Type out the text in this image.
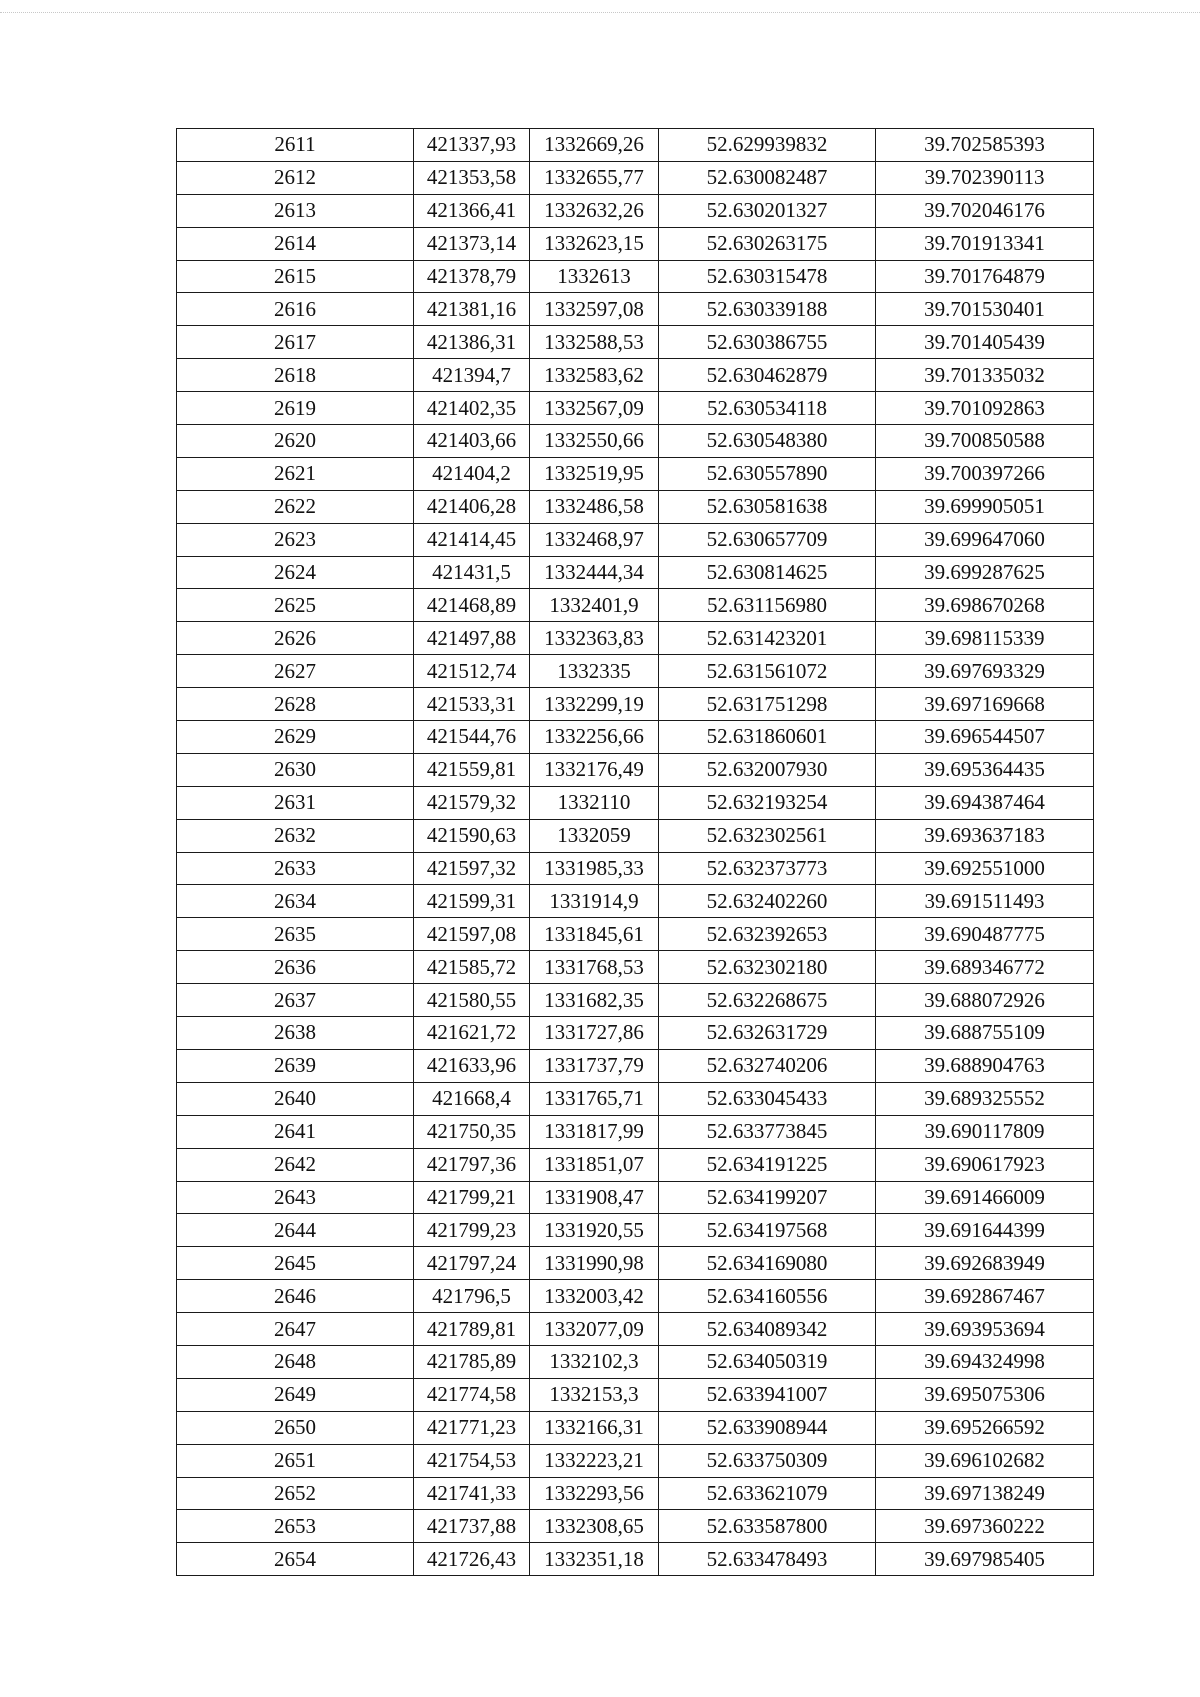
2611	421337,93	1332669,26	52.629939832	39.702585393
2612	421353,58	1332655,77	52.630082487	39.702390113
2613	421366,41	1332632,26	52.630201327	39.702046176
2614	421373,14	1332623,15	52.630263175	39.701913341
2615	421378,79	1332613	52.630315478	39.701764879
2616	421381,16	1332597,08	52.630339188	39.701530401
2617	421386,31	1332588,53	52.630386755	39.701405439
2618	421394,7	1332583,62	52.630462879	39.701335032
2619	421402,35	1332567,09	52.630534118	39.701092863
2620	421403,66	1332550,66	52.630548380	39.700850588
2621	421404,2	1332519,95	52.630557890	39.700397266
2622	421406,28	1332486,58	52.630581638	39.699905051
2623	421414,45	1332468,97	52.630657709	39.699647060
2624	421431,5	1332444,34	52.630814625	39.699287625
2625	421468,89	1332401,9	52.631156980	39.698670268
2626	421497,88	1332363,83	52.631423201	39.698115339
2627	421512,74	1332335	52.631561072	39.697693329
2628	421533,31	1332299,19	52.631751298	39.697169668
2629	421544,76	1332256,66	52.631860601	39.696544507
2630	421559,81	1332176,49	52.632007930	39.695364435
2631	421579,32	1332110	52.632193254	39.694387464
2632	421590,63	1332059	52.632302561	39.693637183
2633	421597,32	1331985,33	52.632373773	39.692551000
2634	421599,31	1331914,9	52.632402260	39.691511493
2635	421597,08	1331845,61	52.632392653	39.690487775
2636	421585,72	1331768,53	52.632302180	39.689346772
2637	421580,55	1331682,35	52.632268675	39.688072926
2638	421621,72	1331727,86	52.632631729	39.688755109
2639	421633,96	1331737,79	52.632740206	39.688904763
2640	421668,4	1331765,71	52.633045433	39.689325552
2641	421750,35	1331817,99	52.633773845	39.690117809
2642	421797,36	1331851,07	52.634191225	39.690617923
2643	421799,21	1331908,47	52.634199207	39.691466009
2644	421799,23	1331920,55	52.634197568	39.691644399
2645	421797,24	1331990,98	52.634169080	39.692683949
2646	421796,5	1332003,42	52.634160556	39.692867467
2647	421789,81	1332077,09	52.634089342	39.693953694
2648	421785,89	1332102,3	52.634050319	39.694324998
2649	421774,58	1332153,3	52.633941007	39.695075306
2650	421771,23	1332166,31	52.633908944	39.695266592
2651	421754,53	1332223,21	52.633750309	39.696102682
2652	421741,33	1332293,56	52.633621079	39.697138249
2653	421737,88	1332308,65	52.633587800	39.697360222
2654	421726,43	1332351,18	52.633478493	39.697985405
